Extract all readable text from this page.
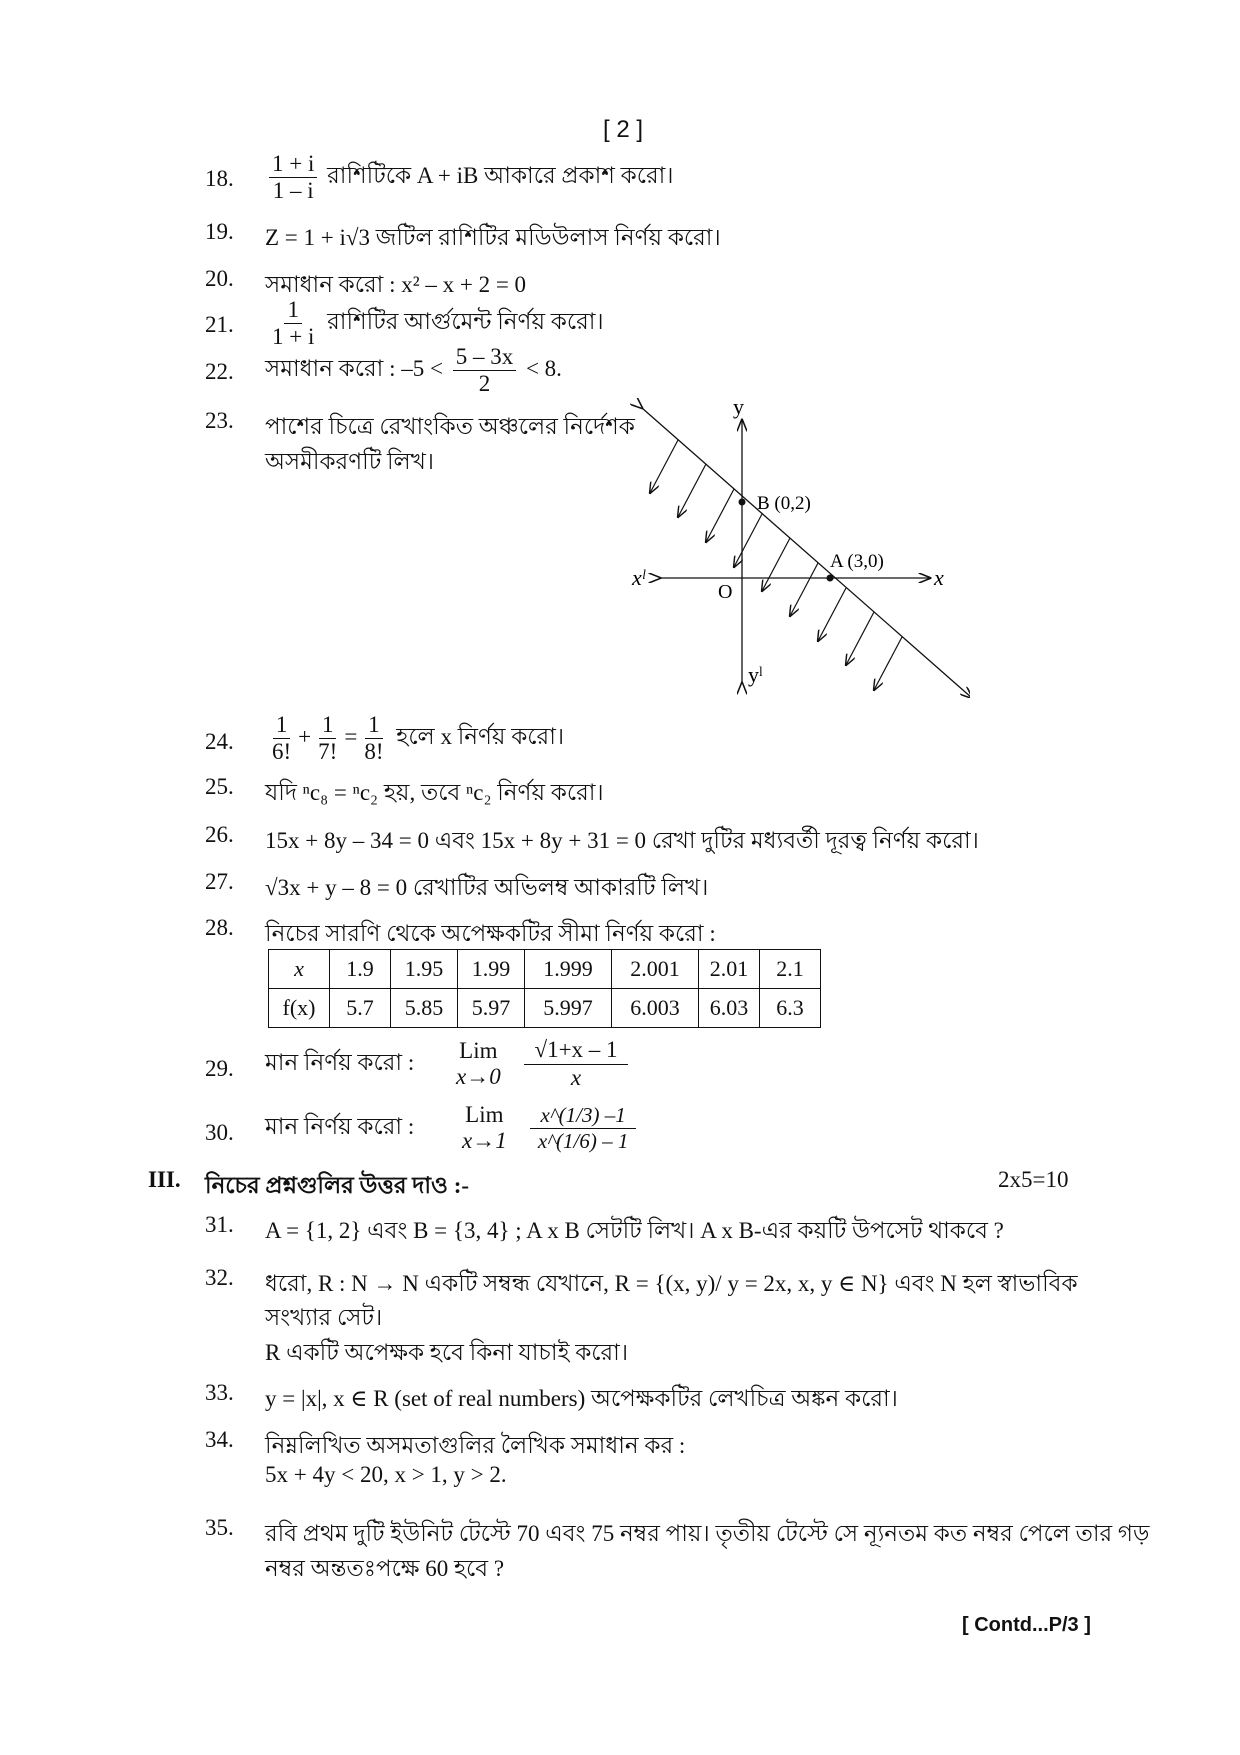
[ 2 ]
18. $\frac{1 + i}{1 - i}$ রাশিটিকে A + iB আকারে প্রকাশ করো।
19. Z = 1 + i√3 জটিল রাশিটির মডিউলাস নির্ণয় করো।
20. সমাধান করো : x² – x + 2 = 0
21. $\frac{1}{1 + i}$ রাশিটির আর্গুমেন্ট নির্ণয় করো।
22. সমাধান করো : $-5 < \frac{5 - 3x}{2} < 8$.
23. পাশের চিত্রে রেখাংকিত অঞ্চলের নির্দেশক
অসমীকরণটি লিখ।
y
yˡ
x
xˡ
O
B (0,2)
A (3,0)
24. $\frac{1}{6!} + \frac{1}{7!} = \frac{1}{8!}$ হলে x নির্ণয় করো।
25. যদি ⁿc₈ = ⁿc₂ হয়, তবে ⁿc₂ নির্ণয় করো।
26. 15x + 8y – 34 = 0 এবং 15x + 8y + 31 = 0 রেখা দুটির মধ্যবর্তী দূরত্ব নির্ণয় করো।
27. √3x + y – 8 = 0 রেখাটির অভিলম্ব আকারটি লিখ।
28. নিচের সারণি থেকে অপেক্ষকটির সীমা নির্ণয় করো :
x	1.9	1.95	1.99	1.999	2.001	2.01	2.1
f(x)	5.7	5.85	5.97	5.997	6.003	6.03	6.3
29. মান নির্ণয় করো : Lim
x→0
$\frac{√1+x - 1}{x}$
30. মান নির্ণয় করো : Lim
x→1
$\frac{x\^{}(1/3) -1}{x\^{}(1/6) - 1}$
III. নিচের প্রশ্নগুলির উত্তর দাও :-	2x5=10
31. A = {1, 2} এবং B = {3, 4} ; A x B সেটটি লিখ। A x B-এর কয়টি উপসেট থাকবে ?
32. ধরো, R : N → N একটি সম্বন্ধ যেখানে, R = {(x, y)/ y = 2x, x, y ∈ N} এবং N হল স্বাভাবিক
সংখ্যার সেট।
R একটি অপেক্ষক হবে কিনা যাচাই করো।
33. y = |x|, x ∈ R (set of real numbers) অপেক্ষকটির লেখচিত্র অঙ্কন করো।
34. নিম্নলিখিত অসমতাগুলির লৈখিক সমাধান কর :
5x + 4y < 20, x > 1, y > 2.
35. রবি প্রথম দুটি ইউনিট টেস্টে 70 এবং 75 নম্বর পায়। তৃতীয় টেস্টে সে ন্যূনতম কত নম্বর পেলে তার গড়
নম্বর অন্ততঃপক্ষে 60 হবে ?
[ Contd...P/3 ]
